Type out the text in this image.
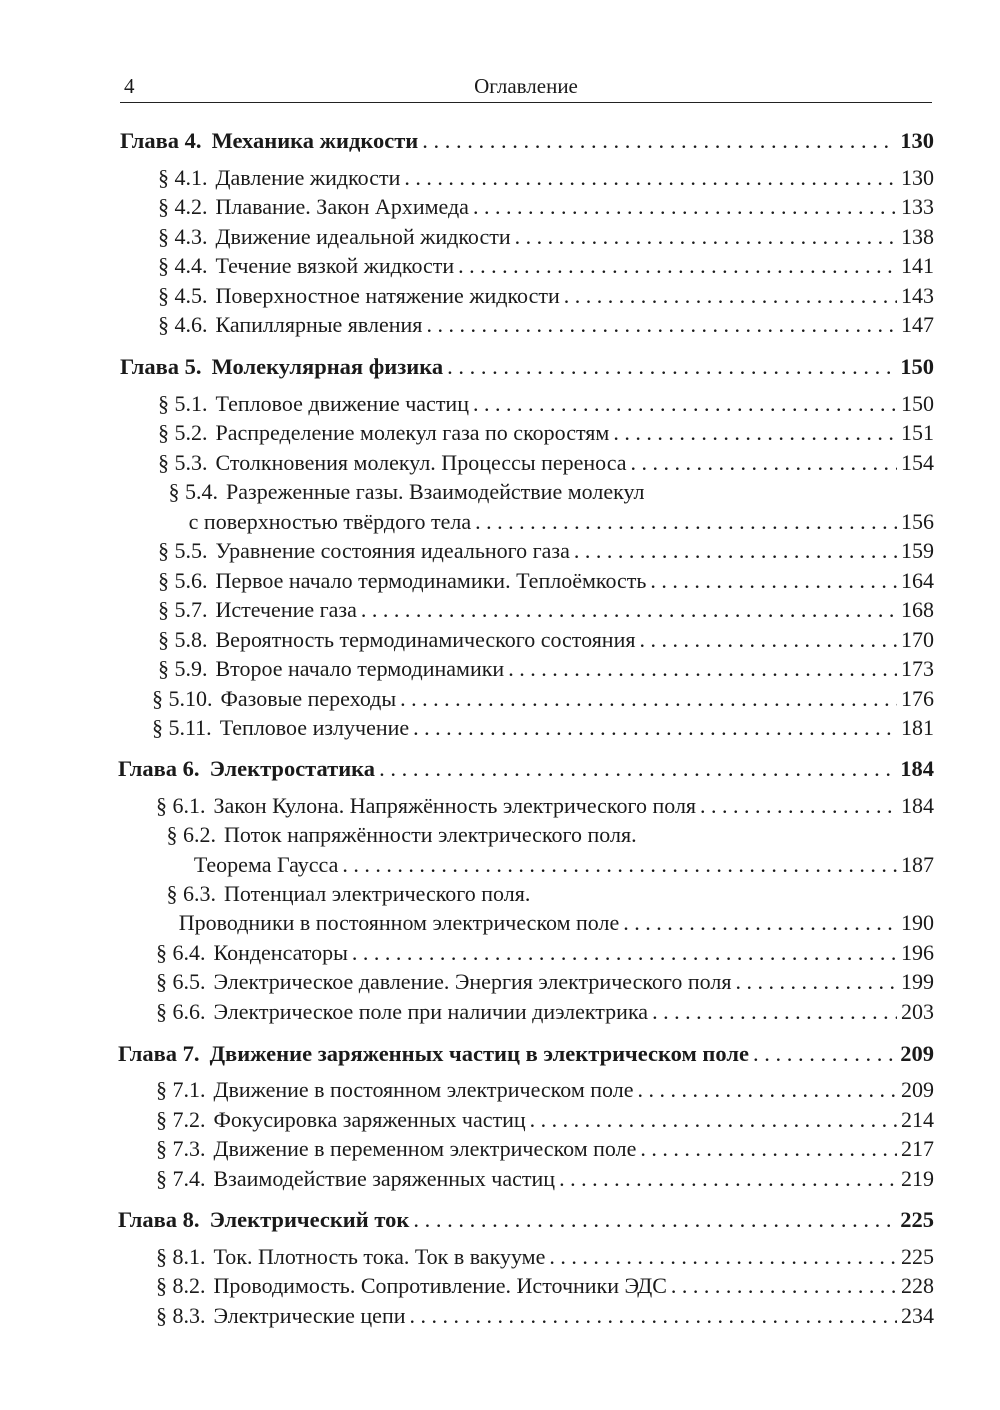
4	Оглавление
Глава 4. Механика жидкости . . .	130
§ 4.1. Давление жидкости . . .	130
§ 4.2. Плавание. Закон Архимеда . . .	133
§ 4.3. Движение идеальной жидкости . . .	138
§ 4.4. Течение вязкой жидкости . . .	141
§ 4.5. Поверхностное натяжение жидкости . . .	143
§ 4.6. Капиллярные явления . . .	147
Глава 5. Молекулярная физика . . .	150
§ 5.1. Тепловое движение частиц . . .	150
§ 5.2. Распределение молекул газа по скоростям . . .	151
§ 5.3. Столкновения молекул. Процессы переноса . . .	154
§ 5.4. Разреженные газы. Взаимодействие молекул
с поверхностью твёрдого тела . . .	156
§ 5.5. Уравнение состояния идеального газа . . .	159
§ 5.6. Первое начало термодинамики. Теплоёмкость . . .	164
§ 5.7. Истечение газа . . .	168
§ 5.8. Вероятность термодинамического состояния . . .	170
§ 5.9. Второе начало термодинамики . . .	173
§ 5.10. Фазовые переходы . . .	176
§ 5.11. Тепловое излучение . . .	181
Глава 6. Электростатика . . .	184
§ 6.1. Закон Кулона. Напряжённость электрического поля . . .	184
§ 6.2. Поток напряжённости электрического поля.
Теорема Гаусса . . .	187
§ 6.3. Потенциал электрического поля.
Проводники в постоянном электрическом поле . . .	190
§ 6.4. Конденсаторы . . .	196
§ 6.5. Электрическое давление. Энергия электрического поля . . .	199
§ 6.6. Электрическое поле при наличии диэлектрика . . .	203
Глава 7. Движение заряженных частиц в электрическом поле . . .	209
§ 7.1. Движение в постоянном электрическом поле . . .	209
§ 7.2. Фокусировка заряженных частиц . . .	214
§ 7.3. Движение в переменном электрическом поле . . .	217
§ 7.4. Взаимодействие заряженных частиц . . .	219
Глава 8. Электрический ток . . .	225
§ 8.1. Ток. Плотность тока. Ток в вакууме . . .	225
§ 8.2. Проводимость. Сопротивление. Источники ЭДС . . .	228
§ 8.3. Электрические цепи . . .	234
